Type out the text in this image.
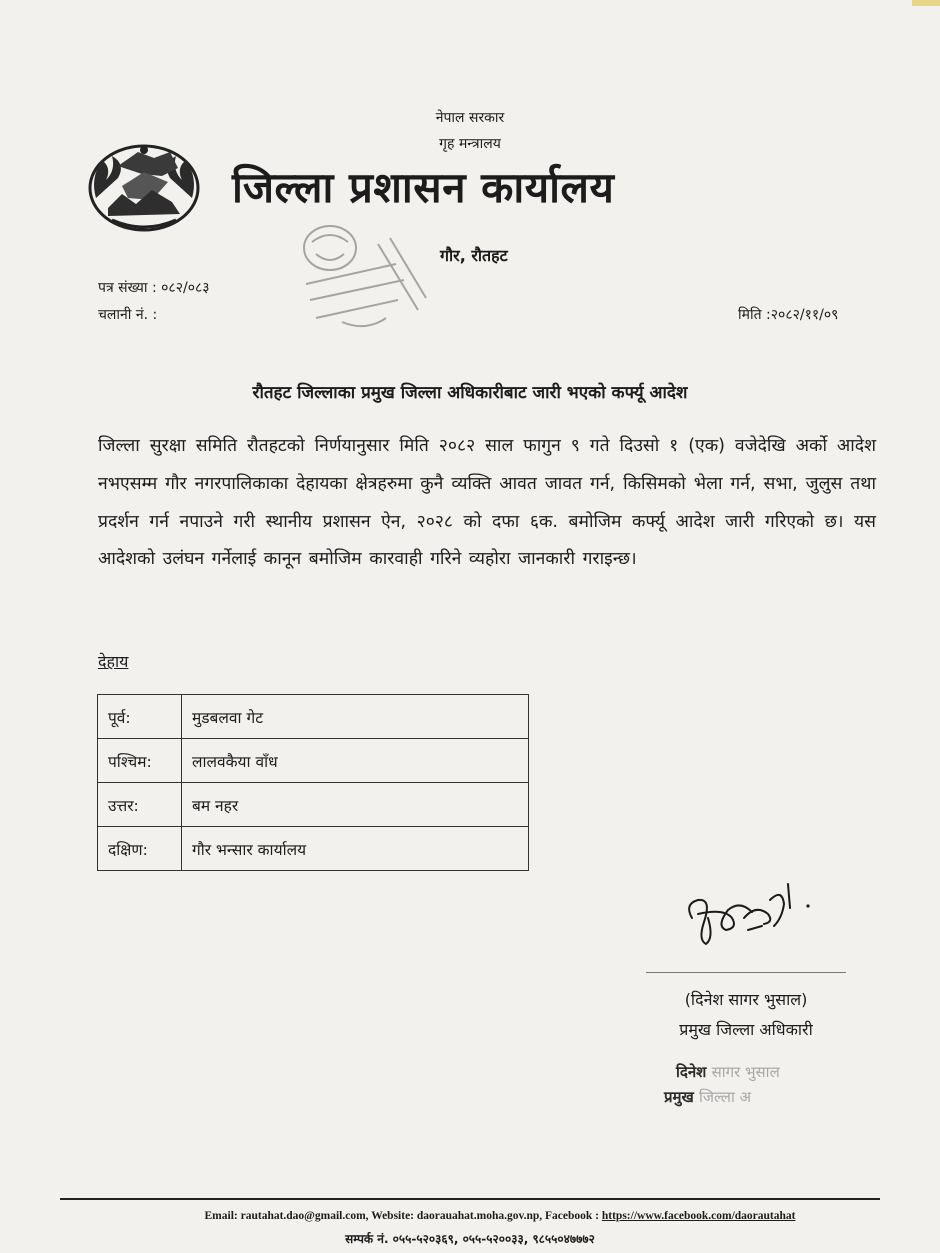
नेपाल सरकार
गृह मन्त्रालय
जिल्ला प्रशासन कार्यालय
गौर, रौतहट
पत्र संख्या : ०८२/०८३
चलानी नं. :	मिति :२०८२/११/०९
रौतहट जिल्लाका प्रमुख जिल्ला अधिकारीबाट जारी भएको कर्फ्यू आदेश
जिल्ला सुरक्षा समिति रौतहटको निर्णयानुसार मिति २०८२ साल फागुन ९ गते दिउसो १ (एक) वजेदेखि अर्को आदेश नभएसम्म गौर नगरपालिकाका देहायका क्षेत्रहरुमा कुनै व्यक्ति आवत जावत गर्न, किसिमको भेला गर्न, सभा, जुलुस तथा प्रदर्शन गर्न नपाउने गरी स्थानीय प्रशासन ऐन, २०२८ को दफा ६क. बमोजिम कर्फ्यू आदेश जारी गरिएको छ। यस आदेशको उलंघन गर्नेलाई कानून बमोजिम कारवाही गरिने व्यहोरा जानकारी गराइन्छ।
देहाय
पूर्व:	मुडबलवा गेट
पश्चिम:	लालवकैया वाँध
उत्तर:	बम नहर
दक्षिण:	गौर भन्सार कार्यालय
(दिनेश सागर भुसाल)
प्रमुख जिल्ला अधिकारी
दिनेश सागर भुसाल
प्रमुख जिल्ला अ
Email: rautahat.dao@gmail.com, Website: daorauahat.moha.gov.np, Facebook : https://www.facebook.com/daorautahat
सम्पर्क नं. ०५५-५२०३६९, ०५५-५२००३३, ९८५५०४७७७२
